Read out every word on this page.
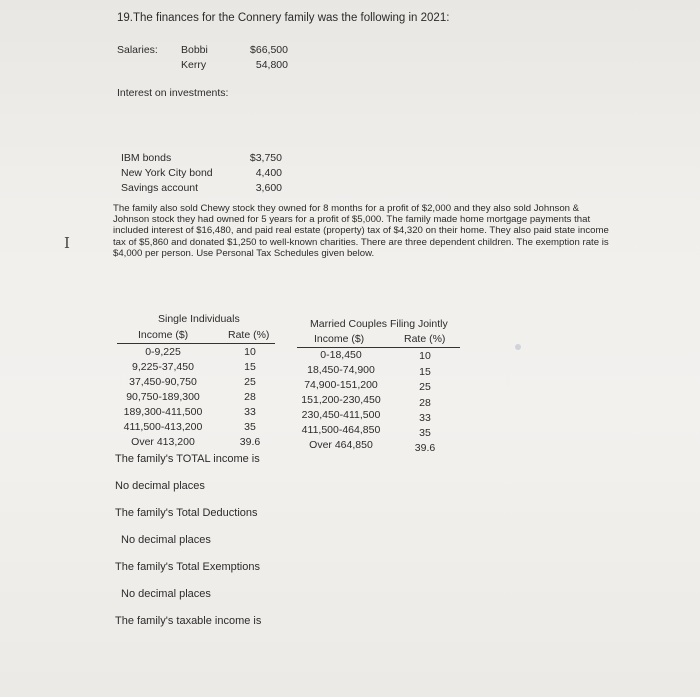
19.The finances for the Connery family was the following in 2021:
Salaries: Bobbi	$66,500
Kerry	54,800
Interest on investments:
IBM bonds	$3,750
New York City bond	4,400
Savings account	3,600
The family also sold Chewy stock they owned for 8 months for a profit of $2,000 and they also sold Johnson & Johnson stock they had owned for 5 years for a profit of $5,000. The family made home mortgage payments that included interest of $16,480, and paid real estate (property) tax of $4,320 on their home. They also paid state income tax of $5,860 and donated $1,250 to well-known charities. There are three dependent children. The exemption rate is $4,000 per person. Use Personal Tax Schedules given below.
I
Single Individuals
Income ($)	Rate (%)
0-9,225	10
9,225-37,450	15
37,450-90,750	25
90,750-189,300	28
189,300-411,500	33
411,500-413,200	35
Over 413,200	39.6
Married Couples Filing Jointly
Income ($)	Rate (%)
0-18,450	10
18,450-74,900	15
74,900-151,200	25
151,200-230,450	28
230,450-411,500	33
411,500-464,850	35
Over 464,850	39.6
The family's TOTAL income is
No decimal places
The family's Total Deductions
No decimal places
The family's Total Exemptions
No decimal places
The family's taxable income is
